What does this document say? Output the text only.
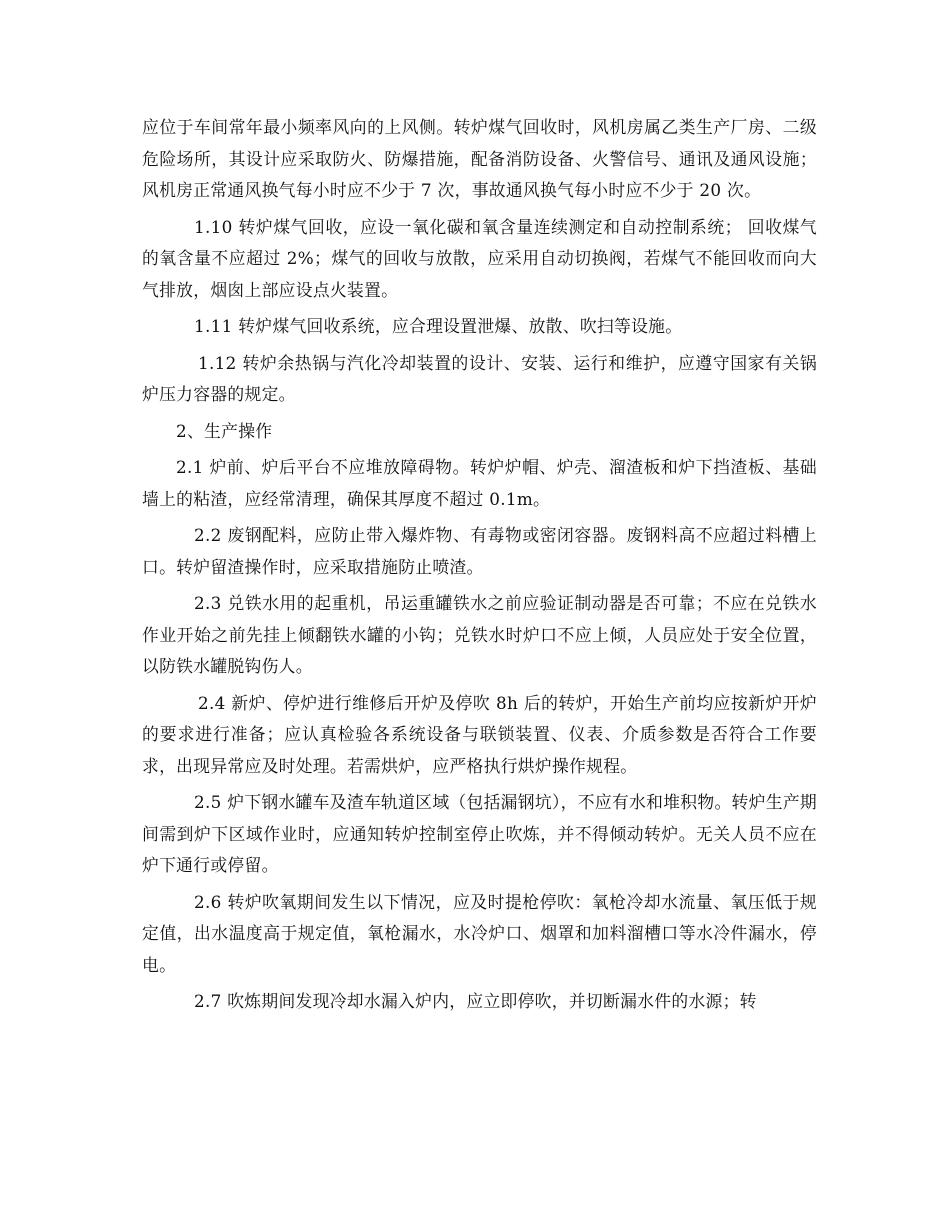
应位于车间常年最小频率风向的上风侧。转炉煤气回收时，风机房属乙类生产厂房、二级危险场所，其设计应采取防火、防爆措施，配备消防设备、火警信号、通讯及通风设施；风机房正常通风换气每小时应不少于 7 次，事故通风换气每小时应不少于 20 次。

1.10 转炉煤气回收，应设一氧化碳和氧含量连续测定和自动控制系统； 回收煤气的氧含量不应超过 2%；煤气的回收与放散，应采用自动切换阀，若煤气不能回收而向大气排放，烟囱上部应设点火装置。

1.11 转炉煤气回收系统，应合理设置泄爆、放散、吹扫等设施。

1.12 转炉余热锅与汽化冷却装置的设计、安装、运行和维护，应遵守国家有关锅炉压力容器的规定。

2、生产操作

2.1 炉前、炉后平台不应堆放障碍物。转炉炉帽、炉壳、溜渣板和炉下挡渣板、基础墙上的粘渣，应经常清理，确保其厚度不超过 0.1m。

2.2 废钢配料，应防止带入爆炸物、有毒物或密闭容器。废钢料高不应超过料槽上口。转炉留渣操作时，应采取措施防止喷渣。

2.3 兑铁水用的起重机，吊运重罐铁水之前应验证制动器是否可靠；不应在兑铁水作业开始之前先挂上倾翻铁水罐的小钩；兑铁水时炉口不应上倾，人员应处于安全位置，以防铁水罐脱钩伤人。

2.4 新炉、停炉进行维修后开炉及停吹 8h 后的转炉，开始生产前均应按新炉开炉的要求进行准备；应认真检验各系统设备与联锁装置、仪表、介质参数是否符合工作要求，出现异常应及时处理。若需烘炉，应严格执行烘炉操作规程。

2.5 炉下钢水罐车及渣车轨道区域（包括漏钢坑），不应有水和堆积物。转炉生产期间需到炉下区域作业时，应通知转炉控制室停止吹炼，并不得倾动转炉。无关人员不应在炉下通行或停留。

2.6 转炉吹氧期间发生以下情况，应及时提枪停吹：氧枪冷却水流量、氧压低于规定值，出水温度高于规定值，氧枪漏水，水冷炉口、烟罩和加料溜槽口等水冷件漏水，停电。

2.7 吹炼期间发现冷却水漏入炉内，应立即停吹，并切断漏水件的水源；转
